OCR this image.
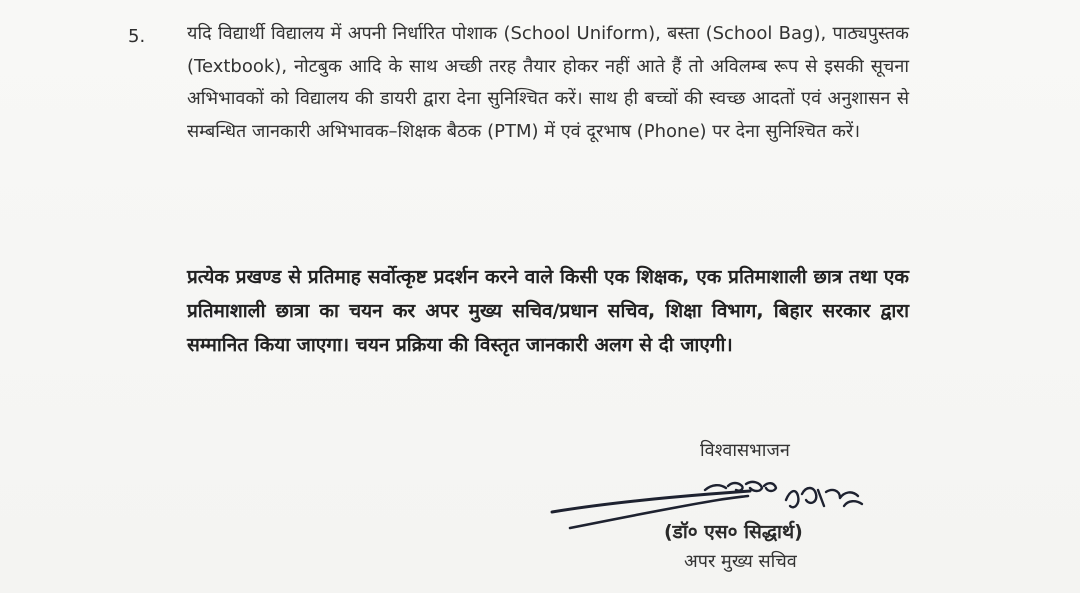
5. यदि विद्यार्थी विद्यालय में अपनी निर्धारित पोशाक (School Uniform), बस्ता (School Bag), पाठ्यपुस्तक (Textbook), नोटबुक आदि के साथ अच्छी तरह तैयार होकर नहीं आते हैं तो अविलम्ब रूप से इसकी सूचना अभिभावकों को विद्यालय की डायरी द्वारा देना सुनिश्चित करें। साथ ही बच्चों की स्वच्छ आदतों एवं अनुशासन से सम्बन्धित जानकारी अभिभावक–शिक्षक बैठक (PTM) में एवं दूरभाष (Phone) पर देना सुनिश्चित करें।
प्रत्येक प्रखण्ड से प्रतिमाह सर्वोत्कृष्ट प्रदर्शन करने वाले किसी एक शिक्षक, एक प्रतिमाशाली छात्र तथा एक प्रतिमाशाली छात्रा का चयन कर अपर मुख्य सचिव/प्रधान सचिव, शिक्षा विभाग, बिहार सरकार द्वारा सम्मानित किया जाएगा। चयन प्रक्रिया की विस्तृत जानकारी अलग से दी जाएगी।
विश्वासभाजन
(डॉ० एस० सिद्धार्थ)
अपर मुख्य सचिव
